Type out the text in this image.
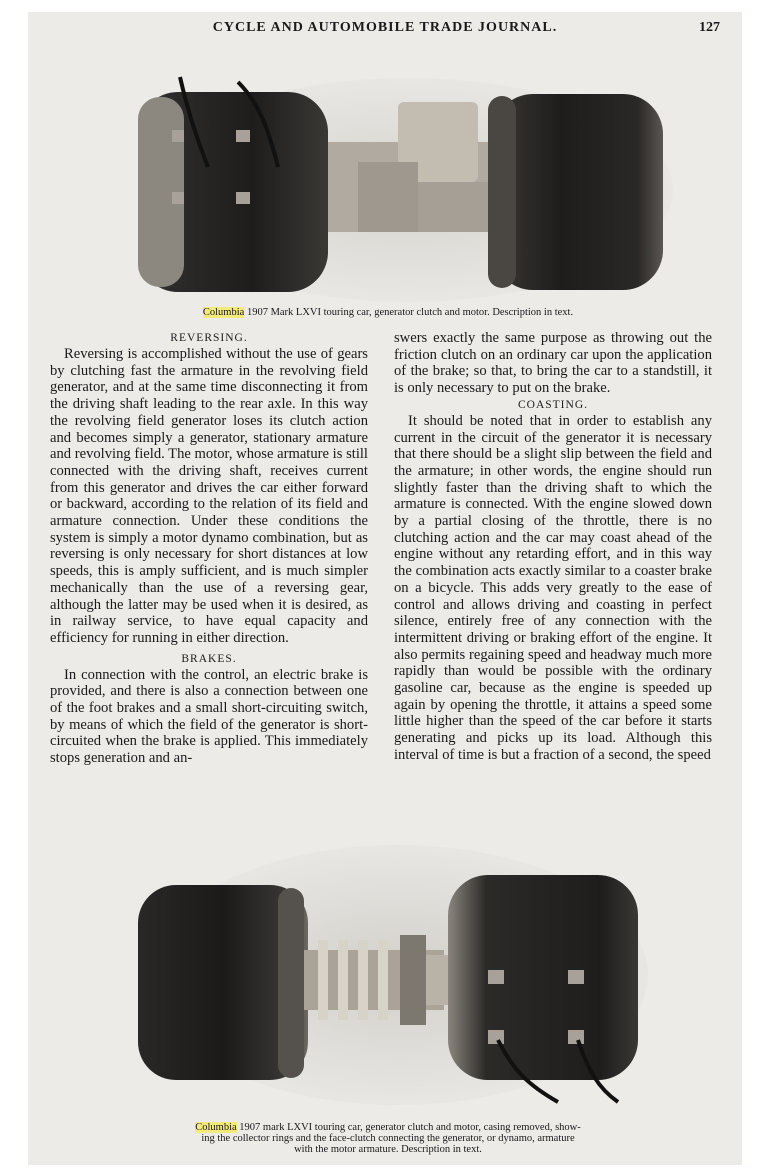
CYCLE AND AUTOMOBILE TRADE JOURNAL.	127
Columbia 1907 Mark LXVI touring car, generator clutch and motor. Description in text.
REVERSING.

Reversing is accomplished without the use of gears by clutching fast the armature in the revolving field generator, and at the same time disconnecting it from the driving shaft leading to the rear axle. In this way the revolving field generator loses its clutch action and becomes simply a generator, stationary armature and revolving field. The motor, whose armature is still connected with the driving shaft, receives current from this generator and drives the car either forward or backward, according to the relation of its field and armature connection. Under these conditions the system is simply a motor dynamo combination, but as reversing is only necessary for short distances at low speeds, this is amply sufficient, and is much simpler mechanically than the use of a reversing gear, although the latter may be used when it is desired, as in railway service, to have equal capacity and efficiency for running in either direction.

BRAKES.

In connection with the control, an electric brake is provided, and there is also a connection between one of the foot brakes and a small short-circuiting switch, by means of which the field of the generator is short-circuited when the brake is applied. This immediately stops generation and an-

swers exactly the same purpose as throwing out the friction clutch on an ordinary car upon the application of the brake; so that, to bring the car to a standstill, it is only necessary to put on the brake.

COASTING.

It should be noted that in order to establish any current in the circuit of the generator it is necessary that there should be a slight slip between the field and the armature; in other words, the engine should run slightly faster than the driving shaft to which the armature is connected. With the engine slowed down by a partial closing of the throttle, there is no clutching action and the car may coast ahead of the engine without any retarding effort, and in this way the combination acts exactly similar to a coaster brake on a bicycle. This adds very greatly to the ease of control and allows driving and coasting in perfect silence, entirely free of any connection with the intermittent driving or braking effort of the engine. It also permits regaining speed and headway much more rapidly than would be possible with the ordinary gasoline car, because as the engine is speeded up again by opening the throttle, it attains a speed some little higher than the speed of the car before it starts generating and picks up its load. Although this interval of time is but a fraction of a second, the speed

Columbia 1907 mark LXVI touring car, generator clutch and motor, casing removed, show-
ing the collector rings and the face-clutch connecting the generator, or dynamo, armature
with the motor armature. Description in text.
